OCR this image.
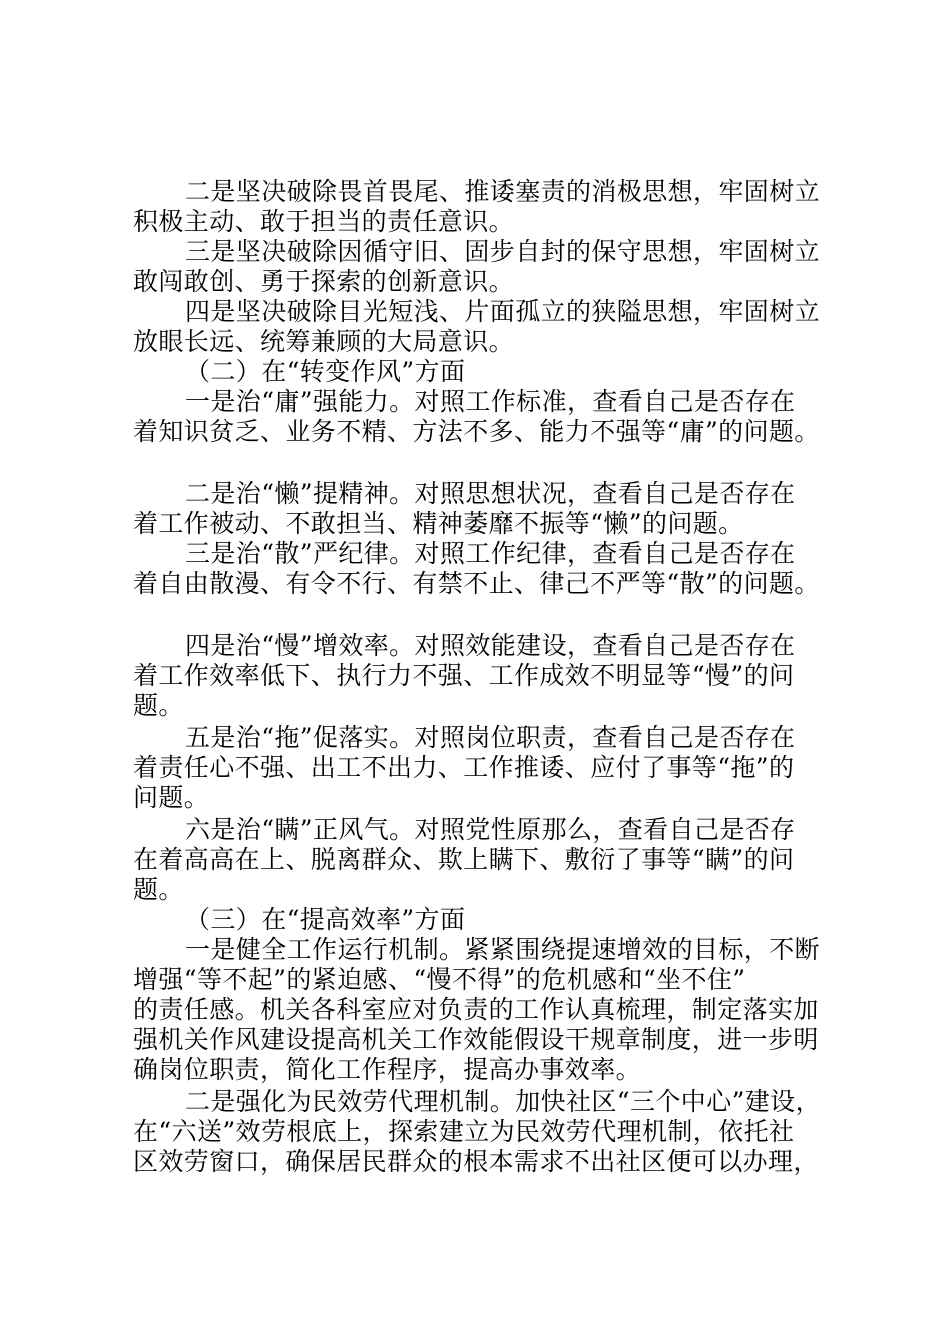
二是坚决破除畏首畏尾、推诿塞责的消极思想，牢固树立
积极主动、敢于担当的责任意识。
三是坚决破除因循守旧、固步自封的保守思想，牢固树立
敢闯敢创、勇于探索的创新意识。
四是坚决破除目光短浅、片面孤立的狭隘思想，牢固树立
放眼长远、统筹兼顾的大局意识。
（二）在“转变作风”方面
一是治“庸”强能力。对照工作标准，查看自己是否存在
着知识贫乏、业务不精、方法不多、能力不强等“庸”的问题。
二是治“懒”提精神。对照思想状况，查看自己是否存在
着工作被动、不敢担当、精神萎靡不振等“懒”的问题。
三是治“散”严纪律。对照工作纪律，查看自己是否存在
着自由散漫、有令不行、有禁不止、律己不严等“散”的问题。
四是治“慢”增效率。对照效能建设，查看自己是否存在
着工作效率低下、执行力不强、工作成效不明显等“慢”的问
题。
五是治“拖”促落实。对照岗位职责，查看自己是否存在
着责任心不强、出工不出力、工作推诿、应付了事等“拖”的
问题。
六是治“瞒”正风气。对照党性原那么，查看自己是否存
在着高高在上、脱离群众、欺上瞒下、敷衍了事等“瞒”的问
题。
（三）在“提高效率”方面
一是健全工作运行机制。紧紧围绕提速增效的目标，不断
增强“等不起”的紧迫感、“慢不得”的危机感和“坐不住”
的责任感。机关各科室应对负责的工作认真梳理，制定落实加
强机关作风建设提高机关工作效能假设干规章制度，进一步明
确岗位职责，简化工作程序，提高办事效率。
二是强化为民效劳代理机制。加快社区“三个中心”建设，
在“六送”效劳根底上，探索建立为民效劳代理机制，依托社
区效劳窗口，确保居民群众的根本需求不出社区便可以办理，
